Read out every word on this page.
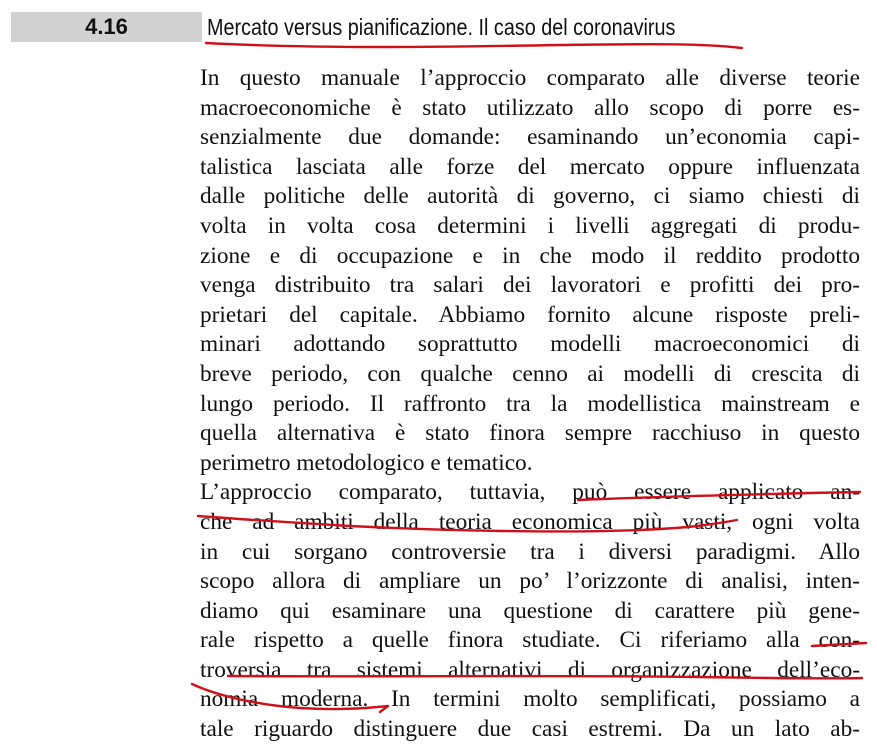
4.16	Mercato versus pianificazione. Il caso del coronavirus
In questo manuale l’approccio comparato alle diverse teorie
macroeconomiche è stato utilizzato allo scopo di porre es-
senzialmente due domande: esaminando un’economia capi-
talistica lasciata alle forze del mercato oppure influenzata
dalle politiche delle autorità di governo, ci siamo chiesti di
volta in volta cosa determini i livelli aggregati di produ-
zione e di occupazione e in che modo il reddito prodotto
venga distribuito tra salari dei lavoratori e profitti dei pro-
prietari del capitale. Abbiamo fornito alcune risposte preli-
minari adottando soprattutto modelli macroeconomici di
breve periodo, con qualche cenno ai modelli di crescita di
lungo periodo. Il raffronto tra la modellistica mainstream e
quella alternativa è stato finora sempre racchiuso in questo
perimetro metodologico e tematico.
L’approccio comparato, tuttavia, può essere applicato an-
che ad ambiti della teoria economica più vasti, ogni volta
in cui sorgano controversie tra i diversi paradigmi. Allo
scopo allora di ampliare un po’ l’orizzonte di analisi, inten-
diamo qui esaminare una questione di carattere più gene-
rale rispetto a quelle finora studiate. Ci riferiamo alla con-
troversia tra sistemi alternativi di organizzazione dell’eco-
nomia moderna. In termini molto semplificati, possiamo a
tale riguardo distinguere due casi estremi. Da un lato ab-
